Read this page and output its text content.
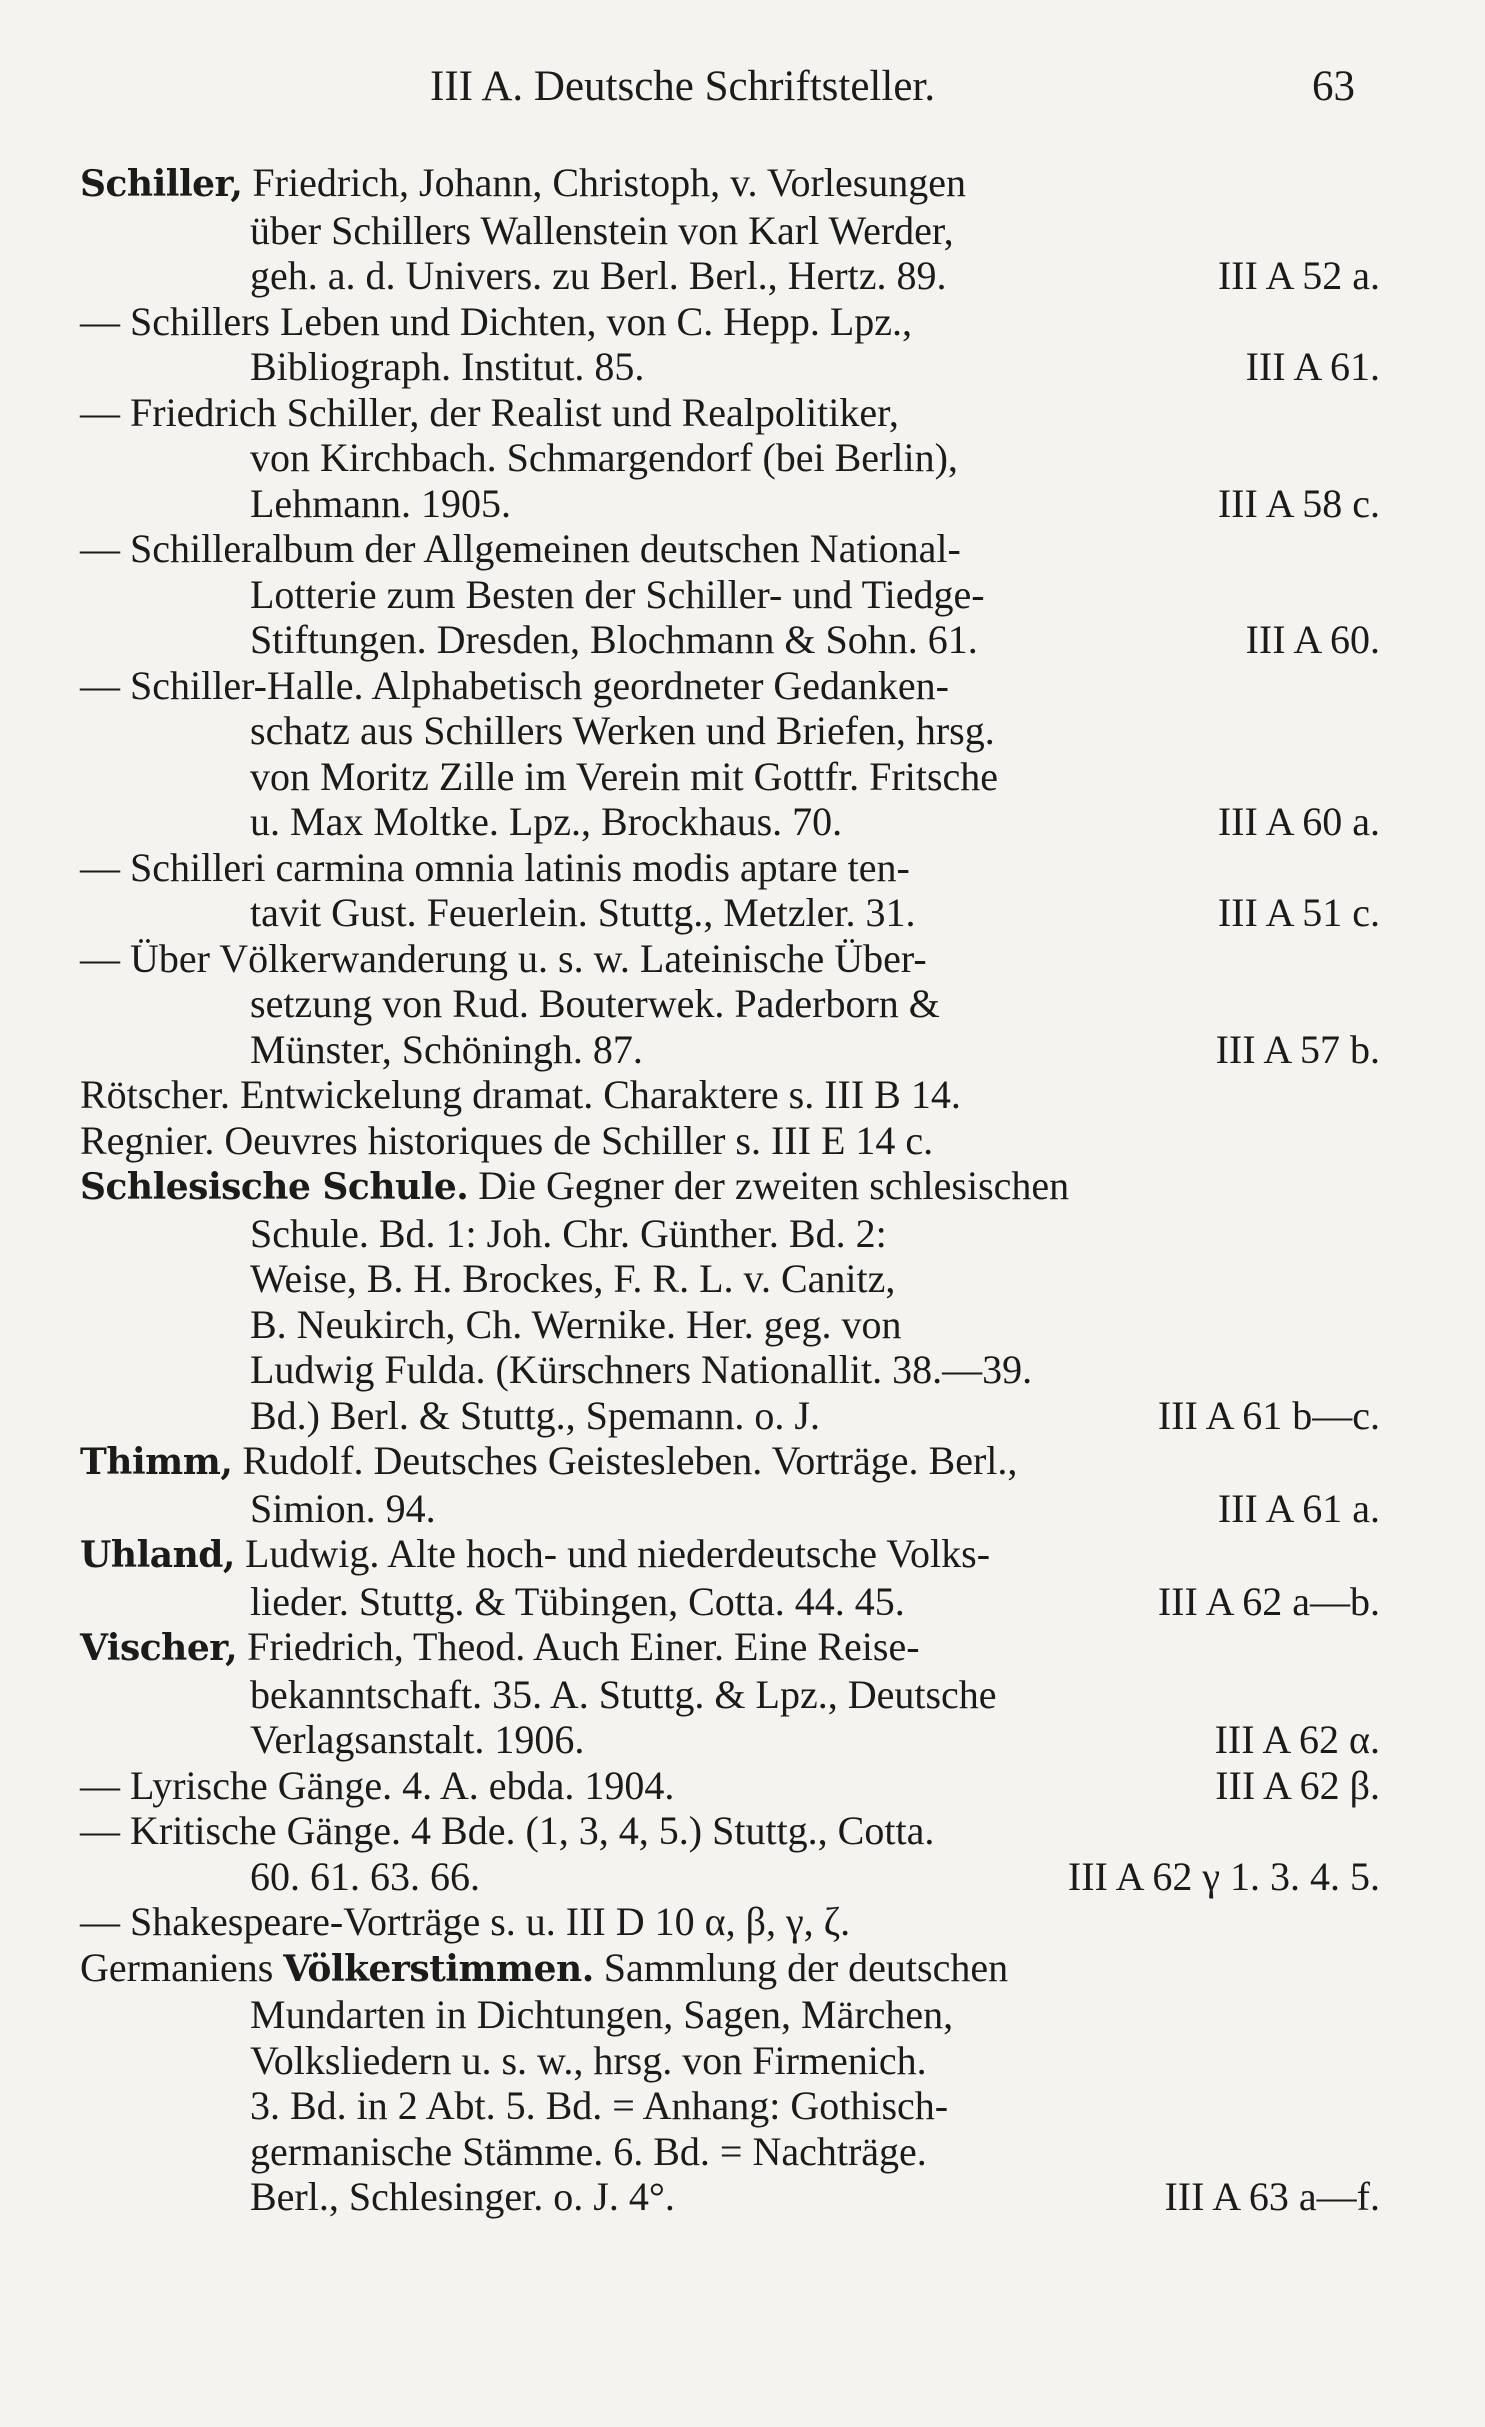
III A. Deutsche Schriftsteller.	63
Schiller, Friedrich, Johann, Christoph, v. Vorlesungen
über Schillers Wallenstein von Karl Werder,
geh. a. d. Univers. zu Berl. Berl., Hertz. 89.	III A 52 a.
— Schillers Leben und Dichten, von C. Hepp. Lpz.,
Bibliograph. Institut. 85.	III A 61.
— Friedrich Schiller, der Realist und Realpolitiker,
von Kirchbach. Schmargendorf (bei Berlin),
Lehmann. 1905.	III A 58 c.
— Schilleralbum der Allgemeinen deutschen National-
Lotterie zum Besten der Schiller- und Tiedge-
Stiftungen. Dresden, Blochmann & Sohn. 61.	III A 60.
— Schiller-Halle. Alphabetisch geordneter Gedanken-
schatz aus Schillers Werken und Briefen, hrsg.
von Moritz Zille im Verein mit Gottfr. Fritsche
u. Max Moltke. Lpz., Brockhaus. 70.	III A 60 a.
— Schilleri carmina omnia latinis modis aptare ten-
tavit Gust. Feuerlein. Stuttg., Metzler. 31.	III A 51 c.
— Über Völkerwanderung u. s. w. Lateinische Über-
setzung von Rud. Bouterwek. Paderborn &
Münster, Schöningh. 87.	III A 57 b.
Rötscher. Entwickelung dramat. Charaktere s. III B 14.
Regnier. Oeuvres historiques de Schiller s. III E 14 c.
Schlesische Schule. Die Gegner der zweiten schlesischen
Schule. Bd. 1: Joh. Chr. Günther. Bd. 2:
Weise, B. H. Brockes, F. R. L. v. Canitz,
B. Neukirch, Ch. Wernike. Her. geg. von
Ludwig Fulda. (Kürschners Nationallit. 38.—39.
Bd.) Berl. & Stuttg., Spemann. o. J.	III A 61 b—c.
Thimm, Rudolf. Deutsches Geistesleben. Vorträge. Berl.,
Simion. 94.	III A 61 a.
Uhland, Ludwig. Alte hoch- und niederdeutsche Volks-
lieder. Stuttg. & Tübingen, Cotta. 44. 45.	III A 62 a—b.
Vischer, Friedrich, Theod. Auch Einer. Eine Reise-
bekanntschaft. 35. A. Stuttg. & Lpz., Deutsche
Verlagsanstalt. 1906.	III A 62 α.
— Lyrische Gänge. 4. A. ebda. 1904.	III A 62 β.
— Kritische Gänge. 4 Bde. (1, 3, 4, 5.) Stuttg., Cotta.
60. 61. 63. 66.	III A 62 γ 1. 3. 4. 5.
— Shakespeare-Vorträge s. u. III D 10 α, β, γ, ζ.
Germaniens Völkerstimmen. Sammlung der deutschen
Mundarten in Dichtungen, Sagen, Märchen,
Volksliedern u. s. w., hrsg. von Firmenich.
3. Bd. in 2 Abt. 5. Bd. = Anhang: Gothisch-
germanische Stämme. 6. Bd. = Nachträge.
Berl., Schlesinger. o. J. 4°.	III A 63 a—f.
